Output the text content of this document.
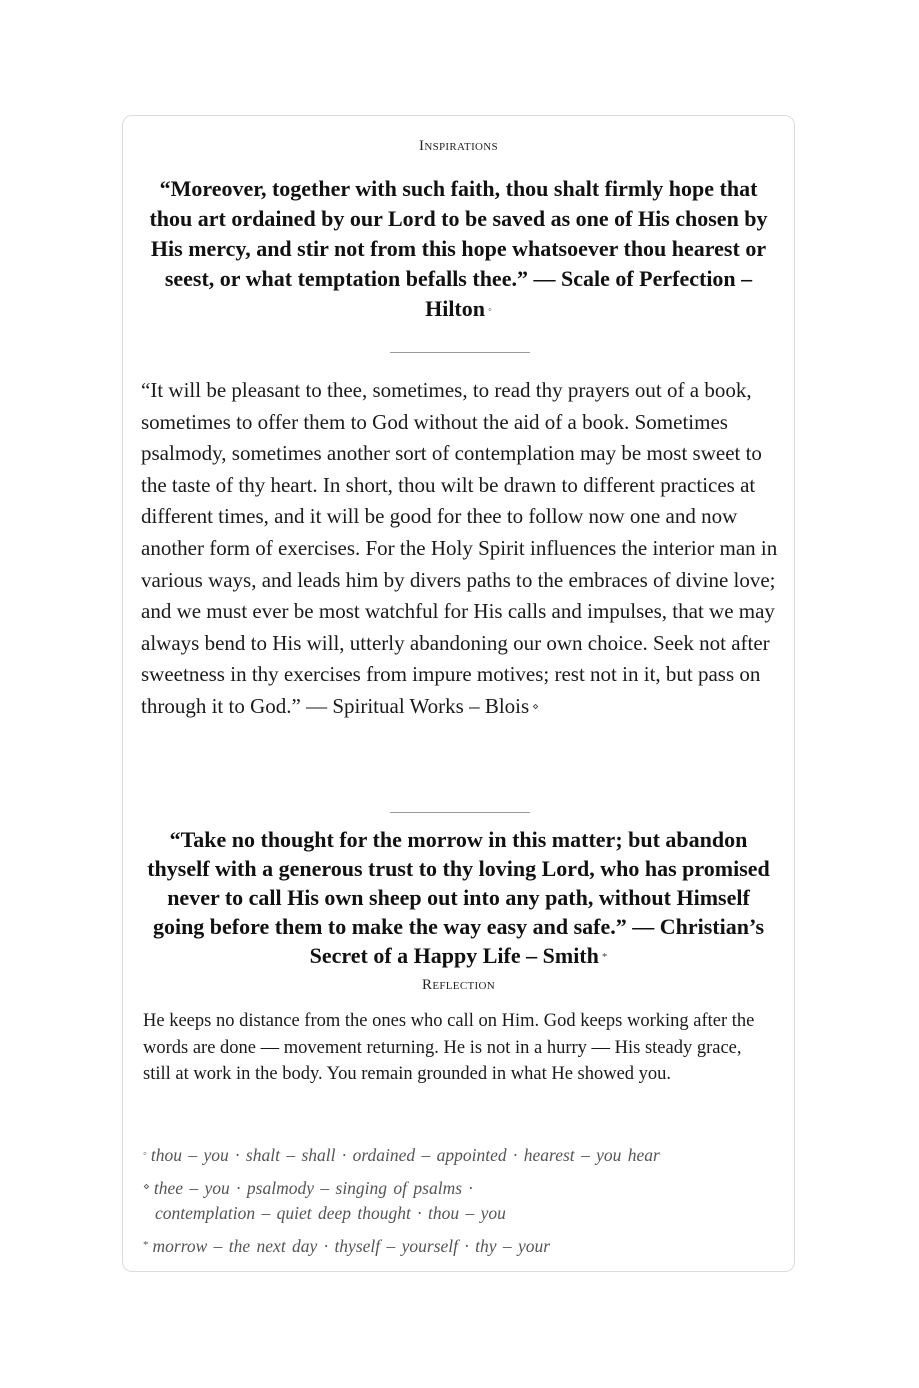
Inspirations
“Moreover, together with such faith, thou shalt firmly hope that thou art ordained by our Lord to be saved as one of His chosen by His mercy, and stir not from this hope whatsoever thou hearest or seest, or what temptation befalls thee.” — Scale of Perfection – Hilton ◦
“It will be pleasant to thee, sometimes, to read thy prayers out of a book, sometimes to offer them to God without the aid of a book. Sometimes psalmody, sometimes another sort of contemplation may be most sweet to the taste of thy heart. In short, thou wilt be drawn to different practices at different times, and it will be good for thee to follow now one and now another form of exercises. For the Holy Spirit influences the interior man in various ways, and leads him by divers paths to the embraces of divine love; and we must ever be most watchful for His calls and impulses, that we may always bend to His will, utterly abandoning our own choice. Seek not after sweetness in thy exercises from impure motives; rest not in it, but pass on through it to God.” — Spiritual Works – Blois ⋄
“Take no thought for the morrow in this matter; but abandon thyself with a generous trust to thy loving Lord, who has promised never to call His own sheep out into any path, without Himself going before them to make the way easy and safe.” — Christian’s Secret of a Happy Life – Smith *
Reflection
He keeps no distance from the ones who call on Him. God keeps working after the words are done — movement returning. He is not in a hurry — His steady grace, still at work in the body. You remain grounded in what He showed you.
◦ thou – you · shalt – shall · ordained – appointed · hearest – you hear
⋄ thee – you · psalmody – singing of psalms ·
contemplation – quiet deep thought · thou – you
* morrow – the next day · thyself – yourself · thy – your
